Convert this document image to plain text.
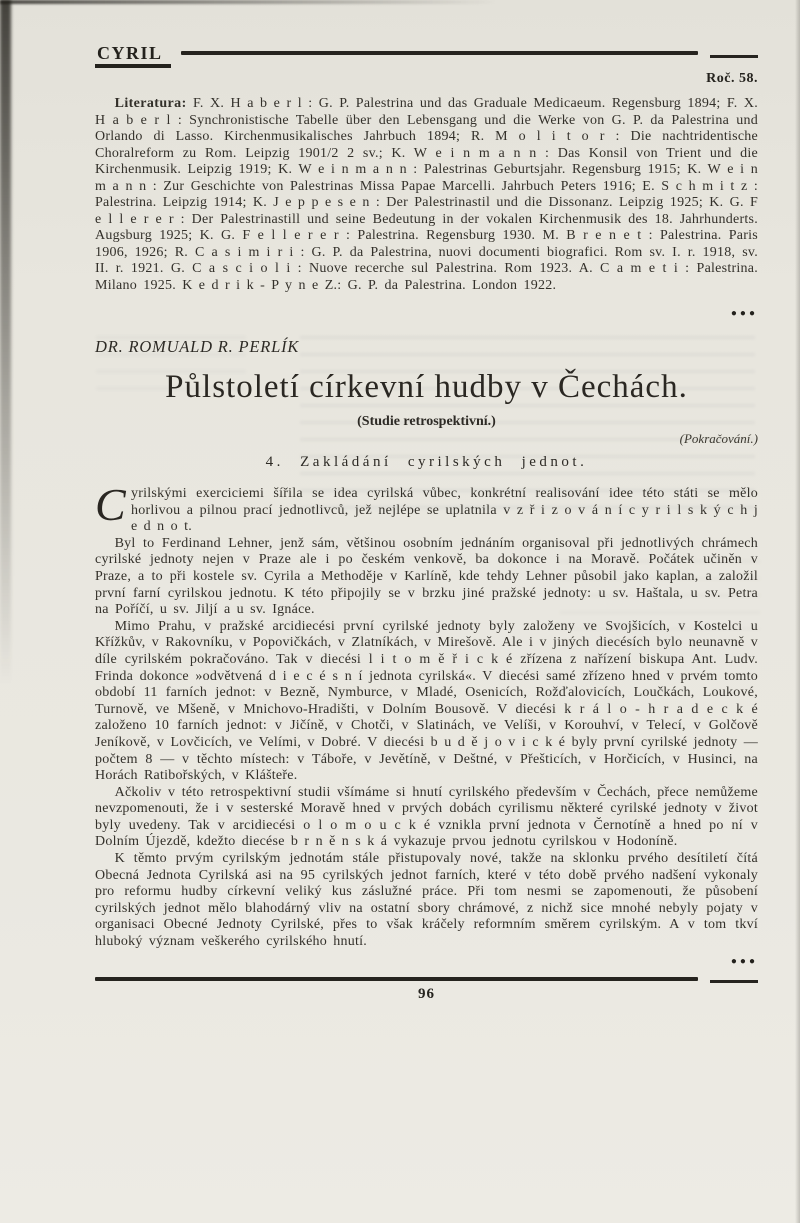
CYRIL
Roč. 58.

Literatura: F. X. H a b e r l : G. P. Palestrina und das Graduale Medicaeum. Regensburg 1894; F. X. H a b e r l : Synchronistische Tabelle über den Lebensgang und die Werke von G. P. da Palestrina und Orlando di Lasso. Kirchenmusikalisches Jahrbuch 1894; R. M o l i t o r : Die nachtridentische Choralreform zu Rom. Leipzig 1901/2 2 sv.; K. W e i n m a n n : Das Konsil von Trient und die Kirchenmusik. Leipzig 1919; K. W e i n m a n n : Palestrinas Geburtsjahr. Regensburg 1915; K. W e i n m a n n : Zur Geschichte von Palestrinas Missa Papae Marcelli. Jahrbuch Peters 1916; E. S c h m i t z : Palestrina. Leipzig 1914; K. J e p p e s e n : Der Palestrinastil und die Dissonanz. Leipzig 1925; K. G. F e l l e r e r : Der Palestrinastill und seine Bedeutung in der vokalen Kirchenmusik des 18. Jahrhunderts. Augsburg 1925; K. G. F e l l e r e r : Palestrina. Regensburg 1930. M. B r e n e t : Palestrina. Paris 1906, 1926; R. C a s i m i r i : G. P. da Palestrina, nuovi documenti biografici. Rom sv. I. r. 1918, sv. II. r. 1921. G. C a s c i o l i : Nuove recerche sul Palestrina. Rom 1923. A. C a m e t i : Palestrina. Milano 1925. K e d r i k - P y n e Z.: G. P. da Palestrina. London 1922.

●●●
DR. ROMUALD R. PERLÍK
Půlstoletí církevní hudby v Čechách.
(Studie retrospektivní.)
(Pokračování.)
4. Zakládání cyrilských jednot.

Cyrilskými exerciciemi šířila se idea cyrilská vůbec, konkrétní realisování idee této státi se mělo horlivou a pilnou prací jednotlivců, jež nejlépe se uplatnila v z ř i z o v á n í c y r i l s k ý c h j e d n o t.

Byl to Ferdinand Lehner, jenž sám, většinou osobním jednáním organisoval při jednotlivých chrámech cyrilské jednoty nejen v Praze ale i po českém venkově, ba dokonce i na Moravě. Počátek učiněn v Praze, a to při kostele sv. Cyrila a Methoděje v Karlíně, kde tehdy Lehner působil jako kaplan, a založil první farní cyrilskou jednotu. K této připojily se v brzku jiné pražské jednoty: u sv. Haštala, u sv. Petra na Poříčí, u sv. Jiljí a u sv. Ignáce.

Mimo Prahu, v pražské arcidiecési první cyrilské jednoty byly založeny ve Svojšicích, v Kostelci u Křížkův, v Rakovníku, v Popovičkách, v Zlatníkách, v Mirešově. Ale i v jiných diecésích bylo neunavně v díle cyrilském pokračováno. Tak v diecési l i t o m ě ř i c k é zřízena z nařízení biskupa Ant. Ludv. Frinda dokonce »odvětvená d i e c é s n í jednota cyrilská«. V diecési samé zřízeno hned v prvém tomto období 11 farních jednot: v Bezně, Nymburce, v Mladé, Osenicích, Rožďalovicích, Loučkách, Loukové, Turnově, ve Mšeně, v Mnichovo-Hradišti, v Dolním Bousově. V diecési k r á l o - h r a d e c k é založeno 10 farních jednot: v Jičíně, v Chotči, v Slatinách, ve Velíši, v Korouhví, v Telecí, v Golčově Jeníkově, v Lovčicích, ve Velími, v Dobré. V diecési b u d ě j o v i c k é byly první cyrilské jednoty — počtem 8 — v těchto místech: v Táboře, v Jevětíně, v Deštné, v Přešticích, v Horčicích, v Husinci, na Horách Ratibořských, v Klášteře.

Ačkoliv v této retrospektivní studii všímáme si hnutí cyrilského především v Čechách, přece nemůžeme nevzpomenouti, že i v sesterské Moravě hned v prvých dobách cyrilismu některé cyrilské jednoty v život byly uvedeny. Tak v arcidiecési o l o m o u c k é vznikla první jednota v Černotíně a hned po ní v Dolním Újezdě, kdežto diecése b r n ě n s k á vykazuje prvou jednotu cyrilskou v Hodoníně.

K těmto prvým cyrilským jednotám stále přistupovaly nové, takže na sklonku prvého desítiletí čítá Obecná Jednota Cyrilská asi na 95 cyrilských jednot farních, které v této době prvého nadšení vykonaly pro reformu hudby církevní veliký kus záslužné práce. Při tom nesmi se zapomenouti, že působení cyrilských jednot mělo blahodárný vliv na ostatní sbory chrámové, z nichž sice mnohé nebyly pojaty v organisaci Obecné Jednoty Cyrilské, přes to však kráčely reformním směrem cyrilským. A v tom tkví hluboký význam veškerého cyrilského hnutí.

●●●
96
